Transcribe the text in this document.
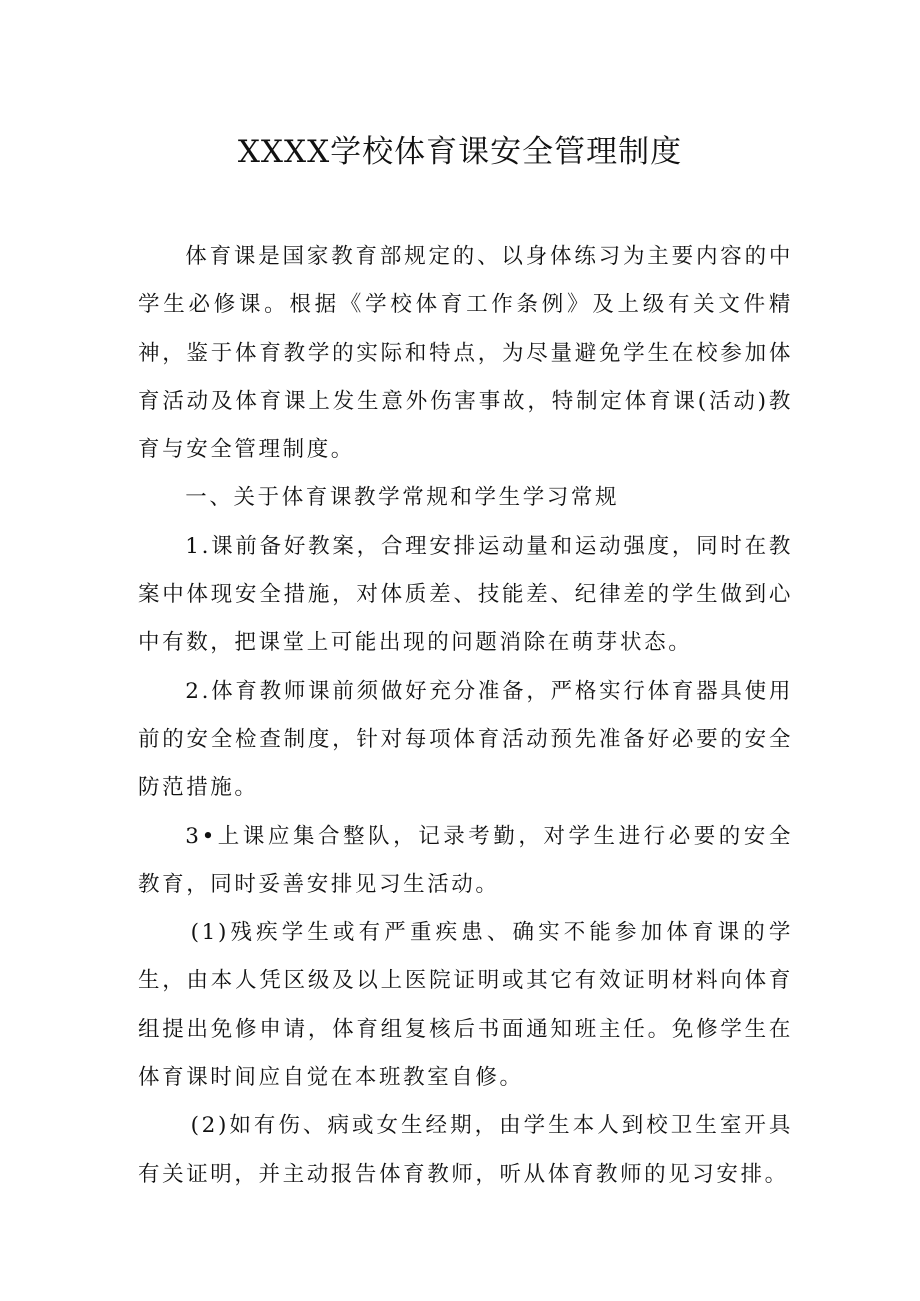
XXXX学校体育课安全管理制度

体育课是国家教育部规定的、以身体练习为主要内容的中学生必修课。根据《学校体育工作条例》及上级有关文件精神，鉴于体育教学的实际和特点，为尽量避免学生在校参加体育活动及体育课上发生意外伤害事故，特制定体育课(活动)教育与安全管理制度。

一、关于体育课教学常规和学生学习常规

1.课前备好教案，合理安排运动量和运动强度，同时在教案中体现安全措施，对体质差、技能差、纪律差的学生做到心中有数，把课堂上可能出现的问题消除在萌芽状态。

2.体育教师课前须做好充分准备，严格实行体育器具使用前的安全检查制度，针对每项体育活动预先准备好必要的安全防范措施。

3•上课应集合整队，记录考勤，对学生进行必要的安全教育，同时妥善安排见习生活动。

(1)残疾学生或有严重疾患、确实不能参加体育课的学生，由本人凭区级及以上医院证明或其它有效证明材料向体育组提出免修申请，体育组复核后书面通知班主任。免修学生在体育课时间应自觉在本班教室自修。

(2)如有伤、病或女生经期，由学生本人到校卫生室开具有关证明，并主动报告体育教师，听从体育教师的见习安排。
